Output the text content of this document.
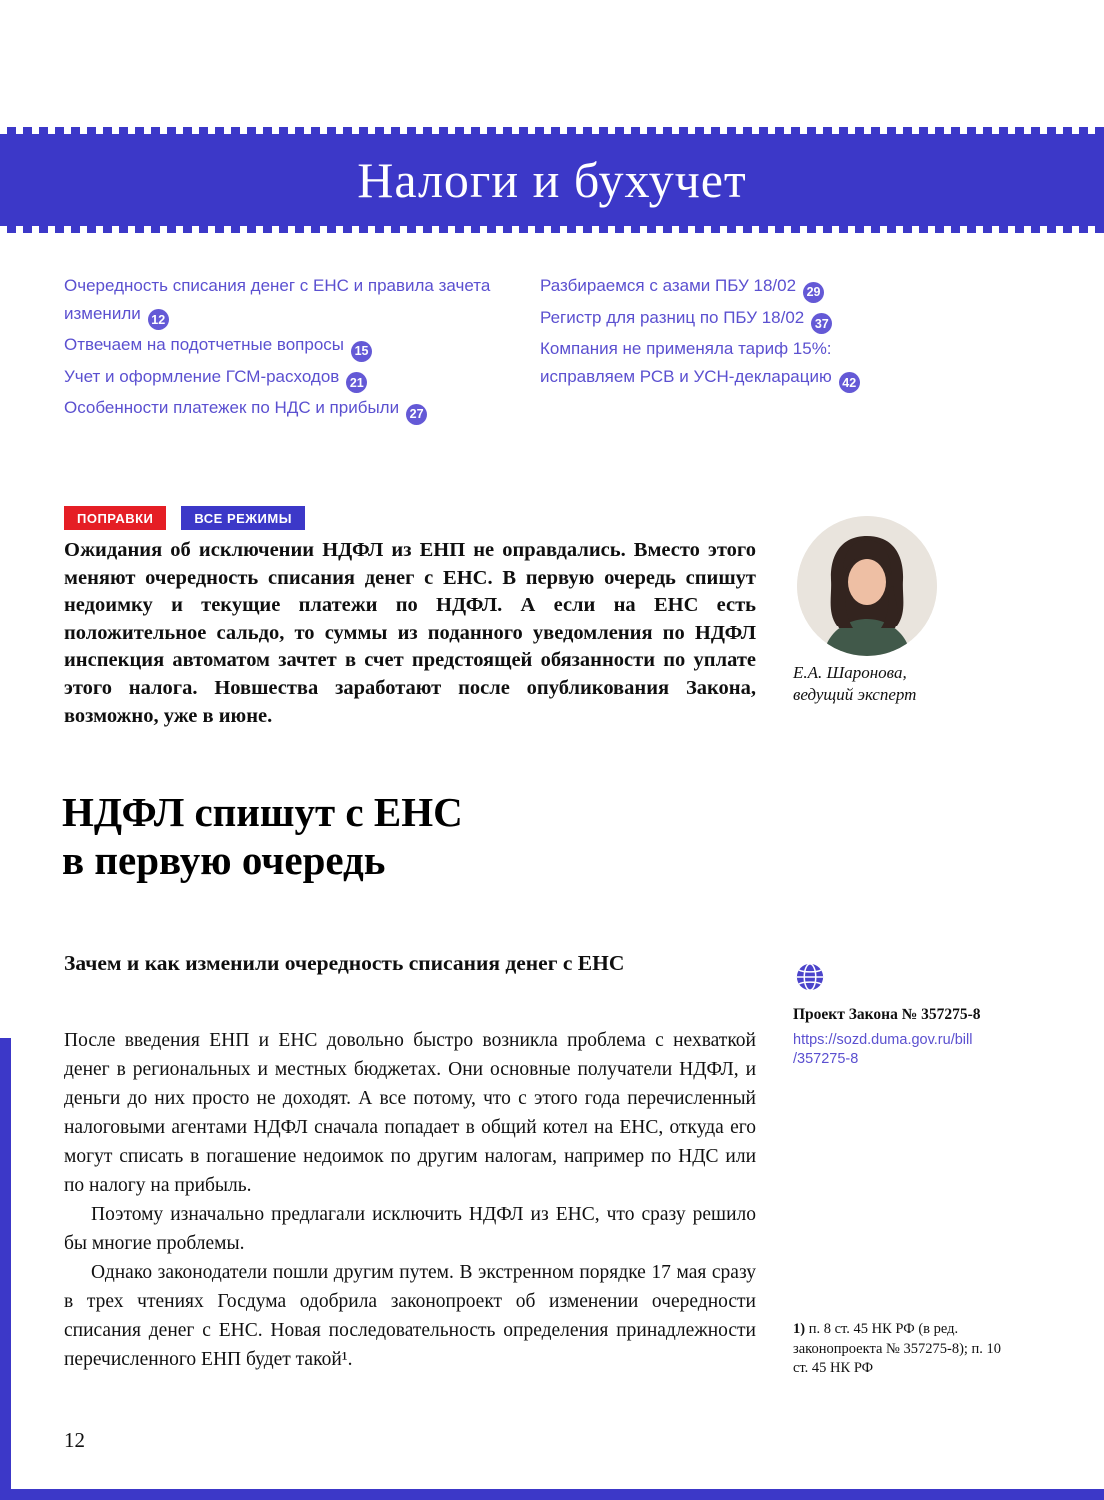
Налоги и бухучет
Очередность списания денег с ЕНС и правила зачета изменили 12
Отвечаем на подотчетные вопросы 15
Учет и оформление ГСМ-расходов 21
Особенности платежек по НДС и прибыли 27
Разбираемся с азами ПБУ 18/02 29
Регистр для разниц по ПБУ 18/02 37
Компания не применяла тариф 15%: исправляем РСВ и УСН-декларацию 42
ПОПРАВКИ	ВСЕ РЕЖИМЫ

Ожидания об исключении НДФЛ из ЕНП не оправдались. Вместо этого меняют очередность списания денег с ЕНС. В первую очередь спишут недоимку и текущие платежи по НДФЛ. А если на ЕНС есть положительное сальдо, то суммы из поданного уведомления по НДФЛ инспекция автоматом зачтет в счет предстоящей обязанности по уплате этого налога. Новшества заработают после опубликования Закона, возможно, уже в июне.

Е.А. Шаронова,
ведущий эксперт
НДФЛ спишут с ЕНС
в первую очередь
Зачем и как изменили очередность списания денег с ЕНС

После введения ЕНП и ЕНС довольно быстро возникла проблема с нехваткой денег в региональных и местных бюджетах. Они основные получатели НДФЛ, и деньги до них просто не доходят. А все потому, что с этого года перечисленный налоговыми агентами НДФЛ сначала попадает в общий котел на ЕНС, откуда его могут списать в погашение недоимок по другим налогам, например по НДС или по налогу на прибыль.

Поэтому изначально предлагали исключить НДФЛ из ЕНС, что сразу решило бы многие проблемы.

Однако законодатели пошли другим путем. В экстренном порядке 17 мая сразу в трех чтениях Госдума одобрила законопроект об изменении очередности списания денег с ЕНС. Новая последовательность определения принадлежности перечисленного ЕНП будет такой¹.

Проект Закона № 357275-8
https://sozd.duma.gov.ru/bill/357275-8
1) п. 8 ст. 45 НК РФ (в ред. законопроекта № 357275-8); п. 10 ст. 45 НК РФ
12
